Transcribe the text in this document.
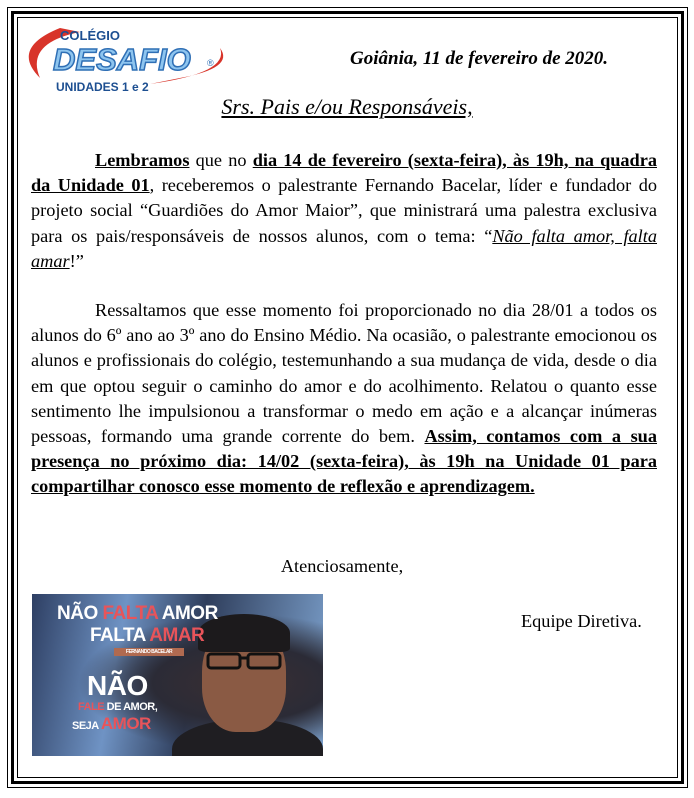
COLÉGIO
DESAFIO ®
UNIDADES 1 e 2
Goiânia, 11 de fevereiro de 2020.
Srs. Pais e/ou Responsáveis,

Lembramos que no dia 14 de fevereiro (sexta-feira), às 19h, na quadra da Unidade 01, receberemos o palestrante Fernando Bacelar, líder e fundador do projeto social “Guardiões do Amor Maior”, que ministrará uma palestra exclusiva para os pais/responsáveis de nossos alunos, com o tema: “Não falta amor, falta amar!”

Ressaltamos que esse momento foi proporcionado no dia 28/01 a todos os alunos do 6º ano ao 3º ano do Ensino Médio. Na ocasião, o palestrante emocionou os alunos e profissionais do colégio, testemunhando a sua mudança de vida, desde o dia em que optou seguir o caminho do amor e do acolhimento. Relatou o quanto esse sentimento lhe impulsionou a transformar o medo em ação e a alcançar inúmeras pessoas, formando uma grande corrente do bem. Assim, contamos com a sua presença no próximo dia: 14/02 (sexta-feira), às 19h na Unidade 01 para compartilhar conosco esse momento de reflexão e aprendizagem.

Atenciosamente,
Equipe Diretiva.
NÃO FALTA AMOR
FALTA AMAR
FERNANDO BACELAR
NÃO
FALE DE AMOR,
SEJA AMOR
